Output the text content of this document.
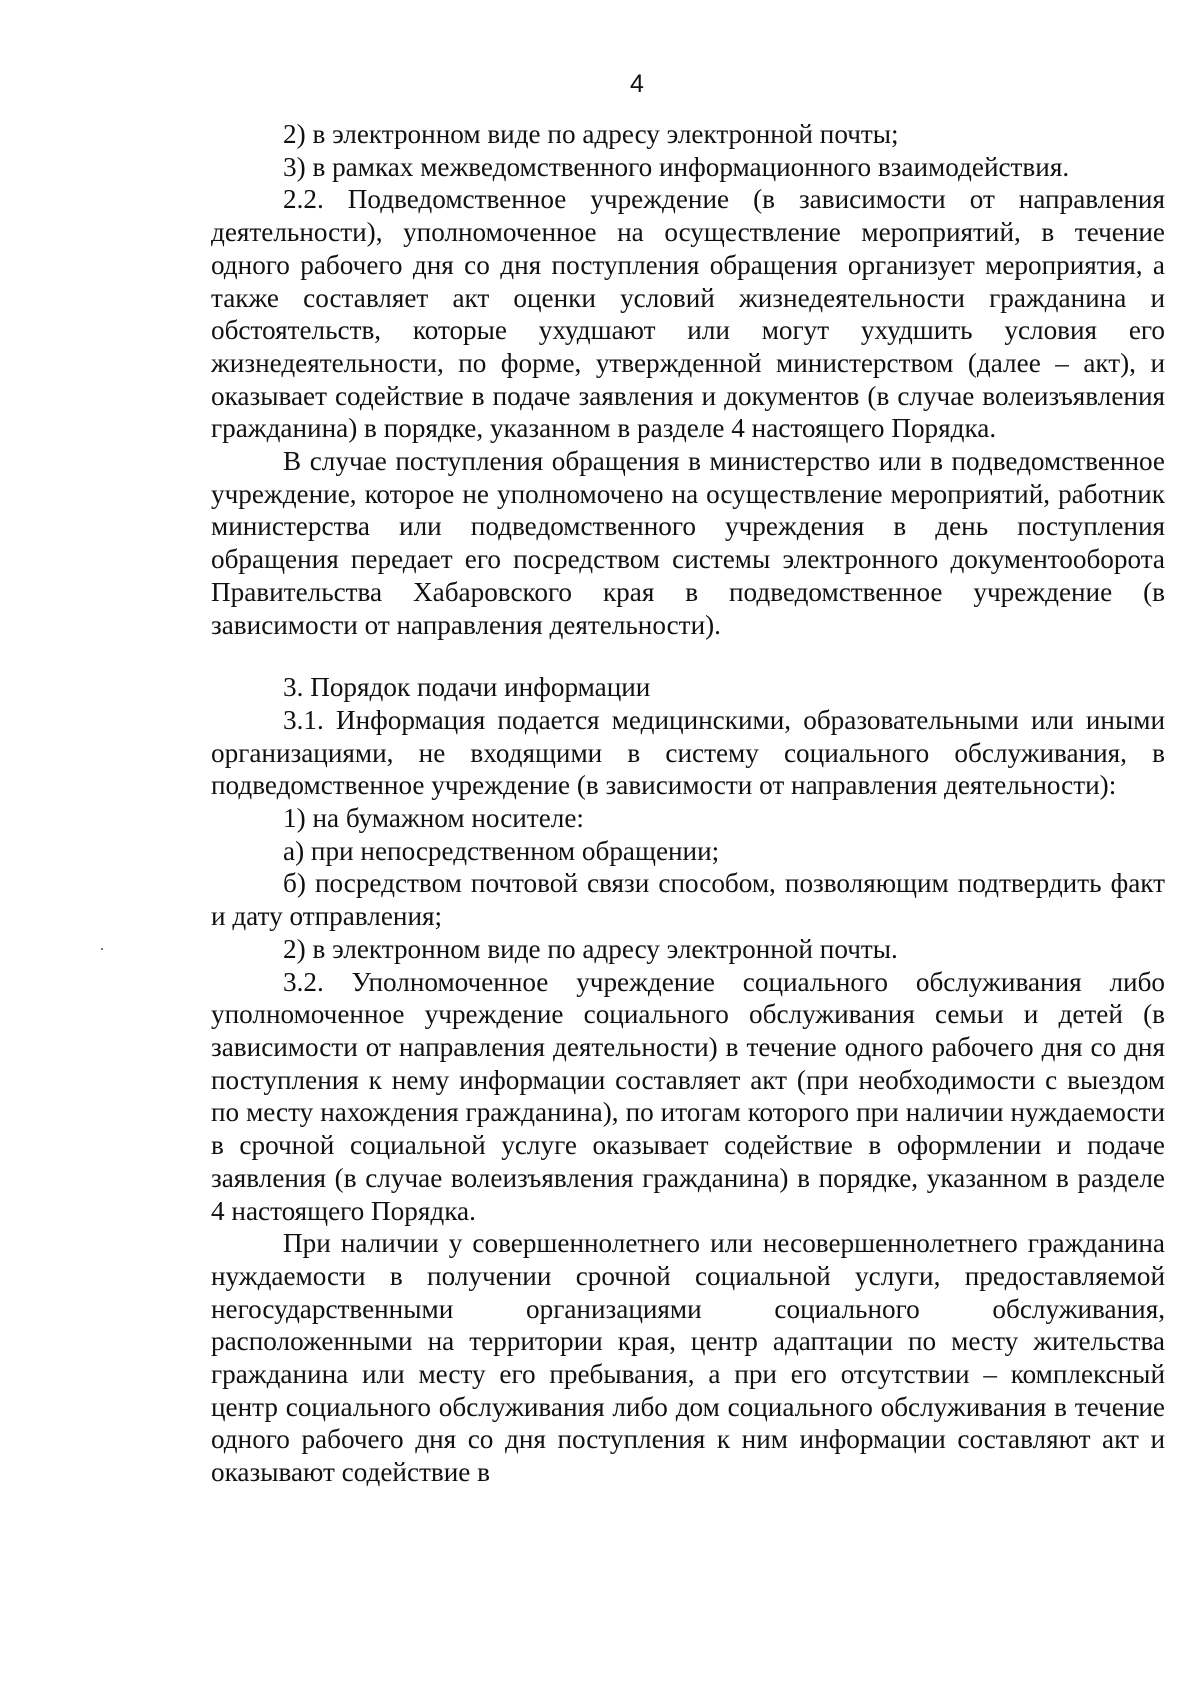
4

2) в электронном виде по адресу электронной почты;

3) в рамках межведомственного информационного взаимодействия.

2.2. Подведомственное учреждение (в зависимости от направления деятельности), уполномоченное на осуществление мероприятий, в течение одного рабочего дня со дня поступления обращения организует мероприятия, а также составляет акт оценки условий жизнедеятельности гражданина и обстоятельств, которые ухудшают или могут ухудшить условия его жизнедеятельности, по форме, утвержденной министерством (далее – акт), и оказывает содействие в подаче заявления и документов (в случае волеизъявления гражданина) в порядке, указанном в разделе 4 настоящего Порядка.

В случае поступления обращения в министерство или в подведомственное учреждение, которое не уполномочено на осуществление мероприятий, работник министерства или подведомственного учреждения в день поступления обращения передает его посредством системы электронного документооборота Правительства Хабаровского края в подведомственное учреждение (в зависимости от направления деятельности).

3. Порядок подачи информации

3.1. Информация подается медицинскими, образовательными или иными организациями, не входящими в систему социального обслуживания, в подведомственное учреждение (в зависимости от направления деятельности):

1) на бумажном носителе:

а) при непосредственном обращении;

б) посредством почтовой связи способом, позволяющим подтвердить факт и дату отправления;

2) в электронном виде по адресу электронной почты.

3.2. Уполномоченное учреждение социального обслуживания либо уполномоченное учреждение социального обслуживания семьи и детей (в зависимости от направления деятельности) в течение одного рабочего дня со дня поступления к нему информации составляет акт (при необходимости с выездом по месту нахождения гражданина), по итогам которого при наличии нуждаемости в срочной социальной услуге оказывает содействие в оформлении и подаче заявления (в случае волеизъявления гражданина) в порядке, указанном в разделе 4 настоящего Порядка.

При наличии у совершеннолетнего или несовершеннолетнего гражданина нуждаемости в получении срочной социальной услуги, предоставляемой негосударственными организациями социального обслуживания, расположенными на территории края, центр адаптации по месту жительства гражданина или месту его пребывания, а при его отсутствии – комплексный центр социального обслуживания либо дом социального обслуживания в течение одного рабочего дня со дня поступления к ним информации составляют акт и оказывают содействие в
